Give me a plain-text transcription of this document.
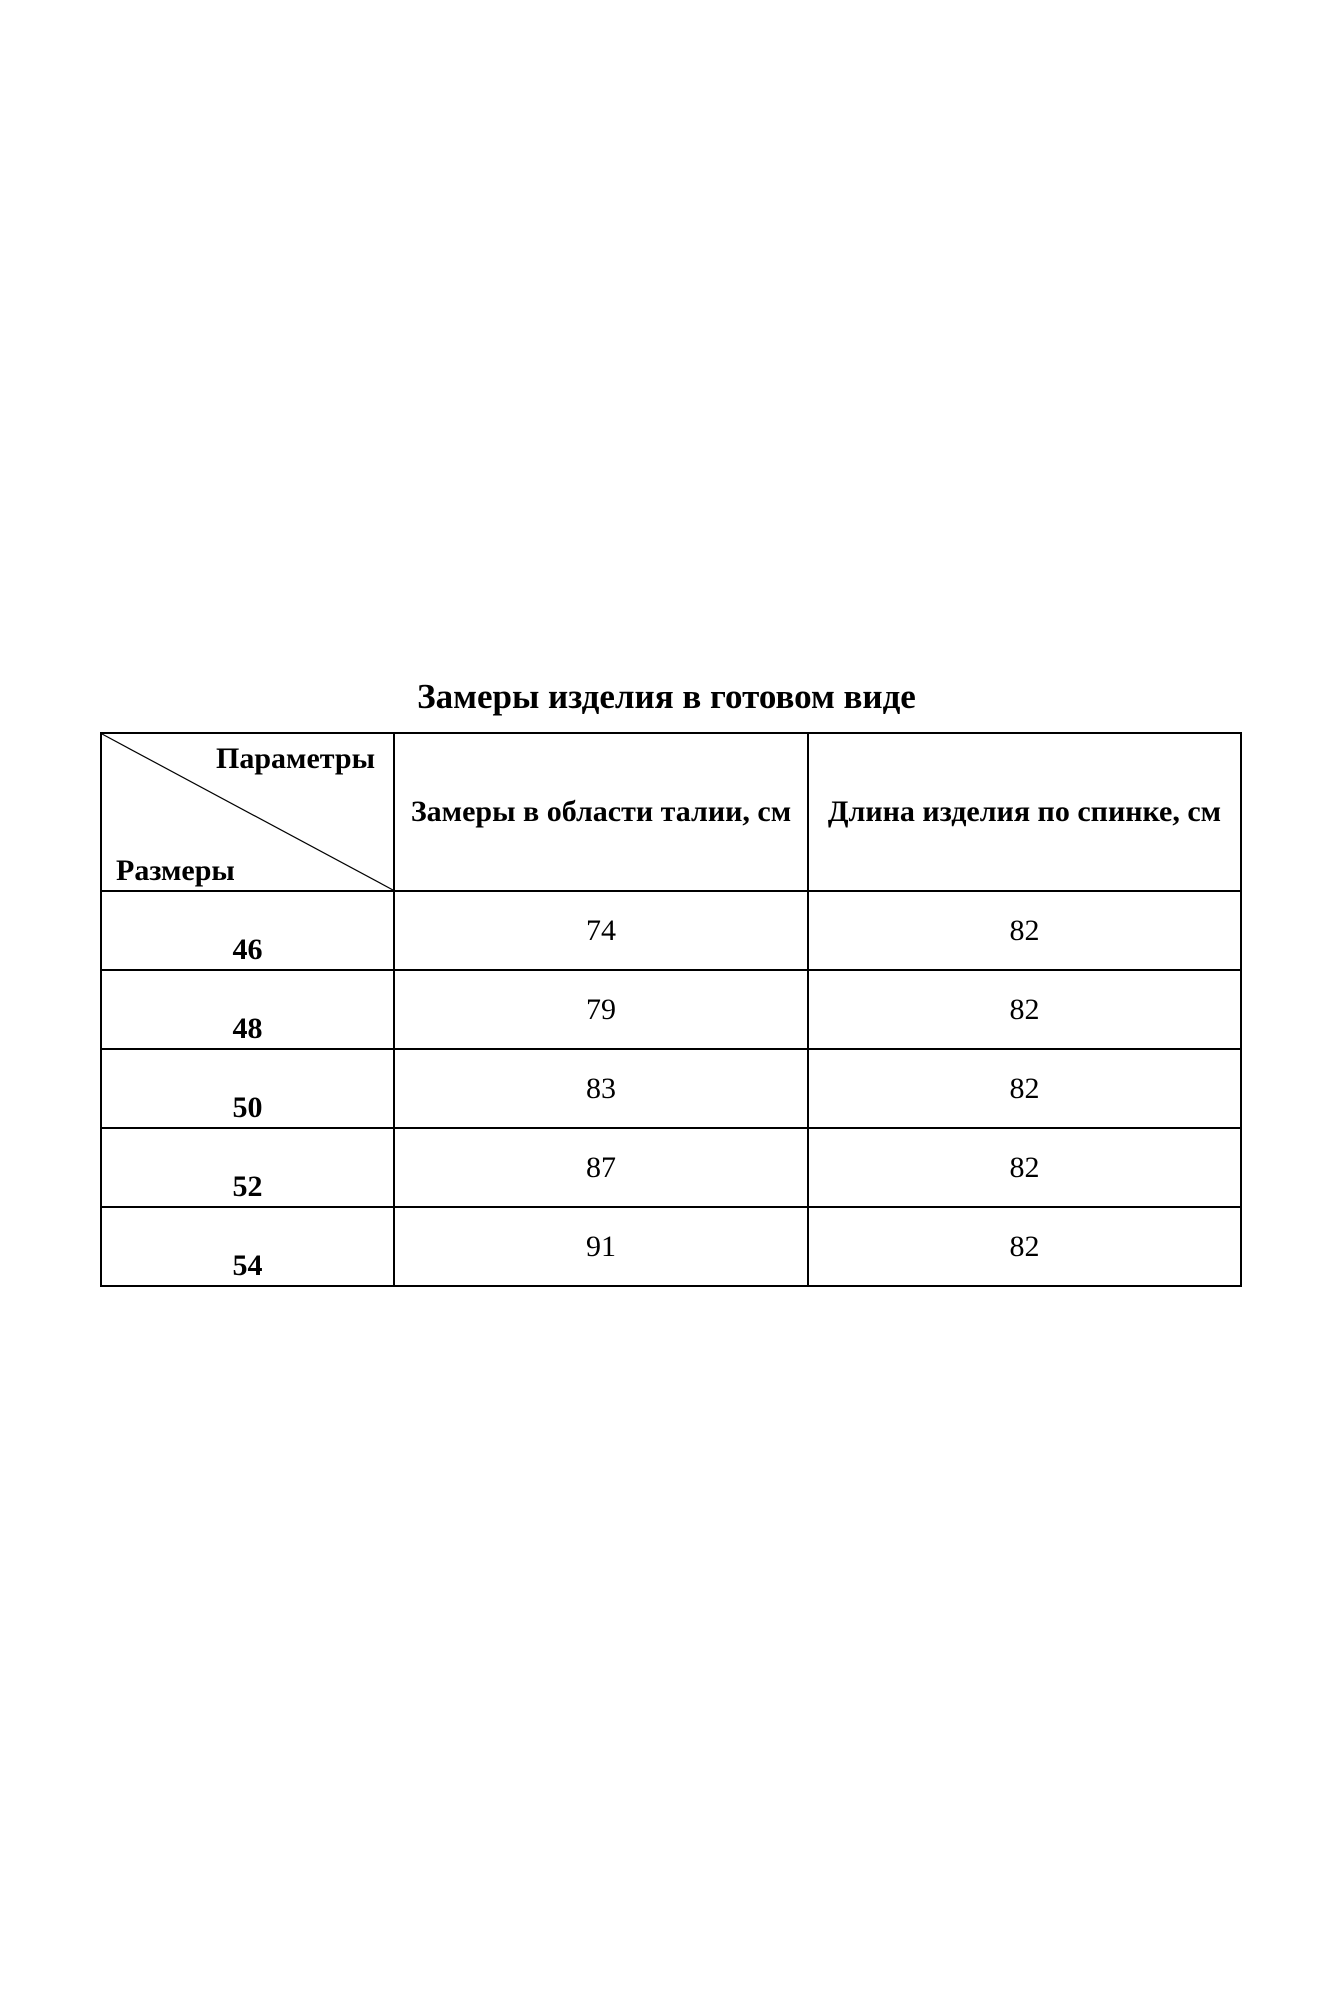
Замеры изделия в готовом виде
Параметры
Размеры	Замеры в области талии, см	Длина изделия по спинке, см
46	74	82
48	79	82
50	83	82
52	87	82
54	91	82
